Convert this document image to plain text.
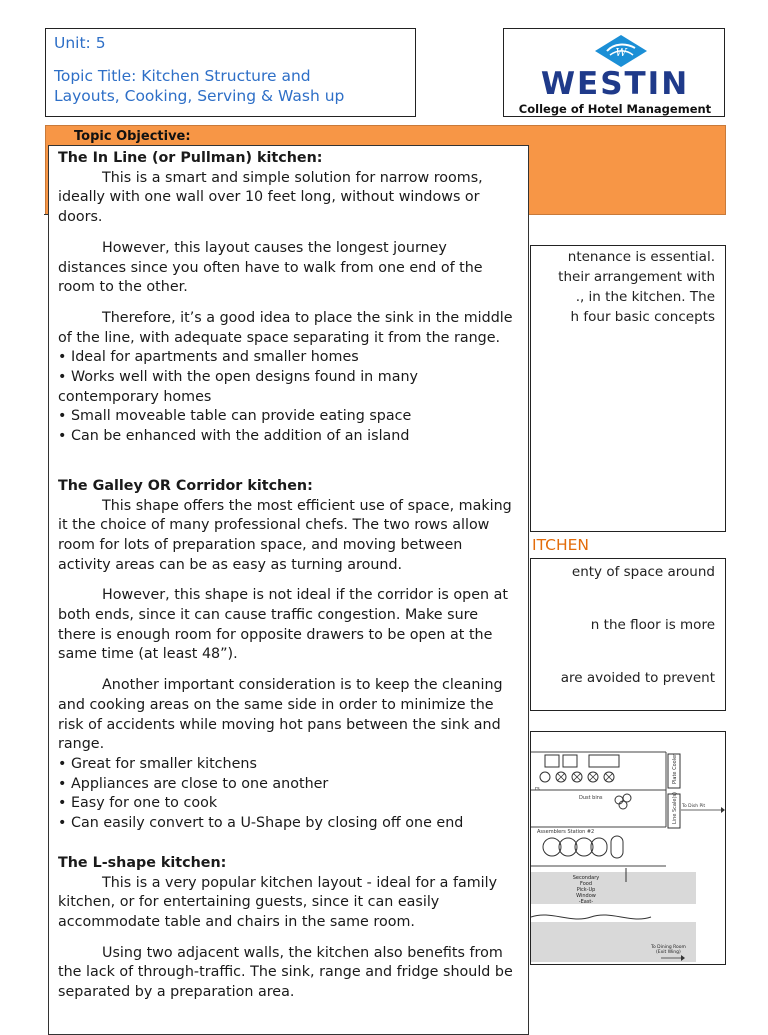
Unit: 5
Topic Title: Kitchen Structure and
Layouts, Cooking, Serving & Wash up
W
WESTIN
College of Hotel Management
Topic Objective:
ntenance is essential.
their arrangement with
., in the kitchen. The
h four basic concepts
ITCHEN
enty of space around
n the floor is more
are avoided to prevent
rs
Plate Cooler
Line Scale(s)
Dust bins
To Dish Pit
Assemblers Station #2
Secondary
Food
Pick-Up
Window
-East-
To Dining Room
(Exit Wing)

The In Line (or Pullman) kitchen:

This is a smart and simple solution for narrow rooms, ideally with one wall over 10 feet long, without windows or doors.

However, this layout causes the longest journey distances since you often have to walk from one end of the room to the other.

Therefore, it’s a good idea to place the sink in the middle of the line, with adequate space separating it from the range.

• Ideal for apartments and smaller homes

• Works well with the open designs found in many contemporary homes

• Small moveable table can provide eating space

• Can be enhanced with the addition of an island

The Galley OR Corridor kitchen:

This shape offers the most efficient use of space, making it the choice of many professional chefs. The two rows allow room for lots of preparation space, and moving between activity areas can be as easy as turning around.

However, this shape is not ideal if the corridor is open at both ends, since it can cause traffic congestion. Make sure there is enough room for opposite drawers to be open at the same time (at least 48”).

Another important consideration is to keep the cleaning and cooking areas on the same side in order to minimize the risk of accidents while moving hot pans between the sink and range.

• Great for smaller kitchens

• Appliances are close to one another

• Easy for one to cook

• Can easily convert to a U-Shape by closing off one end

The L-shape kitchen:

This is a very popular kitchen layout - ideal for a family kitchen, or for entertaining guests, since it can easily accommodate table and chairs in the same room.

Using two adjacent walls, the kitchen also benefits from the lack of through-traffic. The sink, range and fridge should be separated by a preparation area.
